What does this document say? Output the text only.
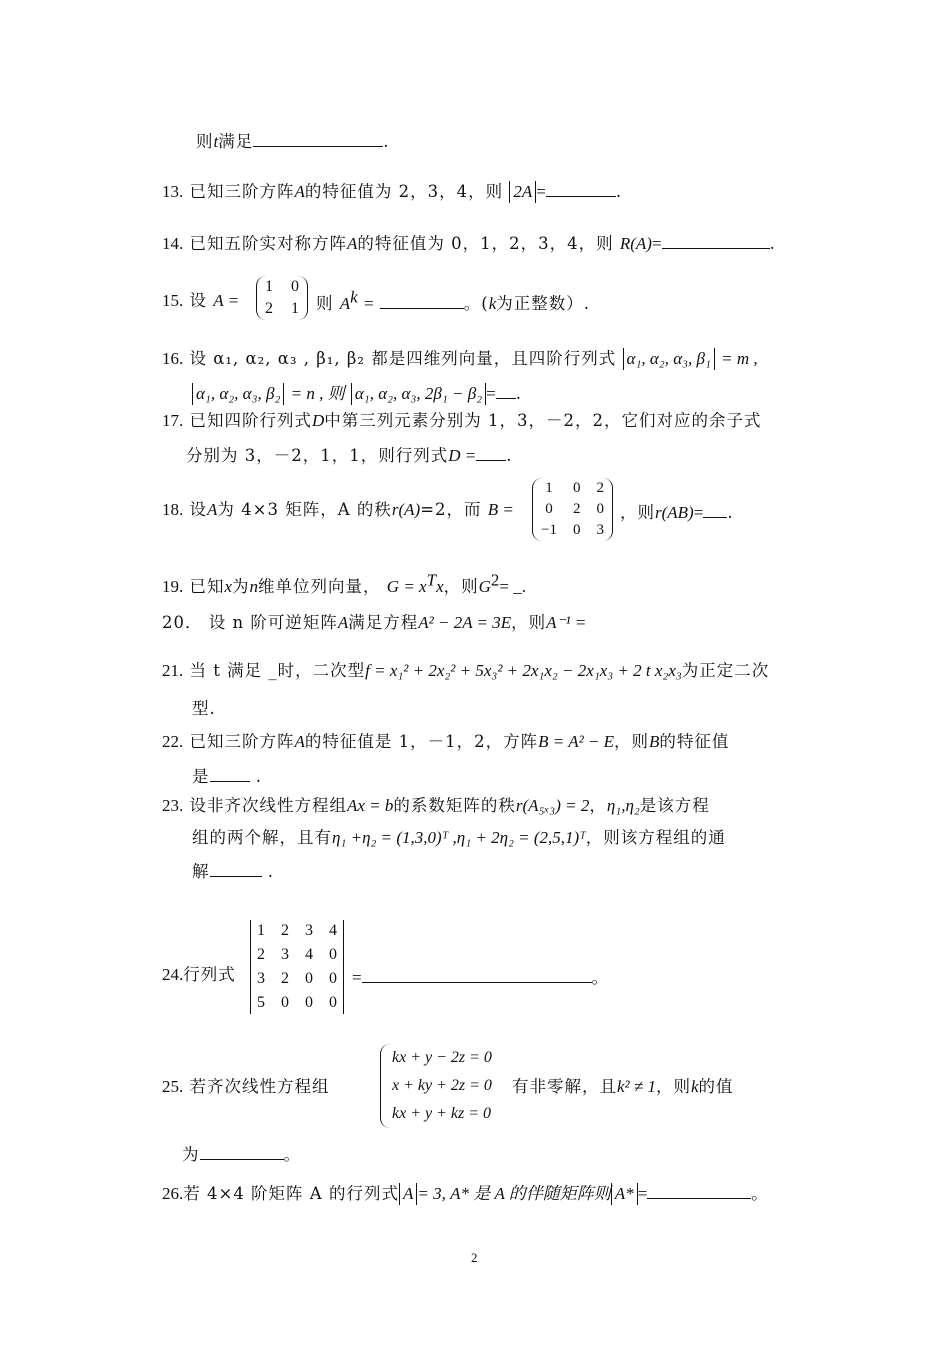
则t满足	.
13. 已知三阶方阵A的特征值为 2，3，4，则 2A =	.
14. 已知五阶实对称方阵A的特征值为 0，1，2，3，4，则 R(A)=	.
15. 设 A =
1 0
2 1 则 $A^k$ =	。(k为正整数）.
16. 设 α₁, α₂, α₃ , β₁, β₂ 都是四维列向量，且四阶行列式 α₁, α₂, α₃, β₁ = m ,
α₁, α₂, α₃, β₂ = n , 则 α₁, α₂, α₃, 2β₁ − β₂ = .
17. 已知四阶行列式D中第三列元素分别为 1，3，－2，2，它们对应的余子式
分别为 3，－2，1，1，则行列式D = .
18. 设A为 4×3 矩阵，A 的秩r(A)=2，而 B =
1 0 2
0 2 0
−1 0 3
，则r(AB)= .
19. 已知x为n维单位列向量， $G = x^Tx$，则$G^2=$ _.
20． 设 n 阶可逆矩阵A满足方程A² − 2A = 3E，则A⁻¹ =
21. 当 t 满足 _时，二次型f = x₁² + 2x₂² + 5x₃² + 2x₁x₂ − 2x₁x₃ + 2 t x₂x₃为正定二次
型.
22. 已知三阶方阵A的特征值是 1，－1，2，方阵B = A² − E，则B的特征值
是	.
23. 设非齐次线性方程组Ax = b的系数矩阵的秩r(A₅ₓ₃) = 2，η₁,η₂是该方程
组的两个解，且有η₁ +η₂ = (1,3,0)ᵀ ,η₁ + 2η₂ = (2,5,1)ᵀ，则该方程组的通
解	.
24.行列式
1 2 3 4
2 3 4 0
3 2 0 0
5 0 0 0
=	。
25. 若齐次线性方程组
kx + y − 2z = 0
x + ky + 2z = 0
kx + y + kz = 0
有非零解，且k² ≠ 1，则k的值
为	。
26.若 4×4 阶矩阵 A 的行列式 A = 3, A* 是 A 的伴随矩阵则 A* =	。
2
